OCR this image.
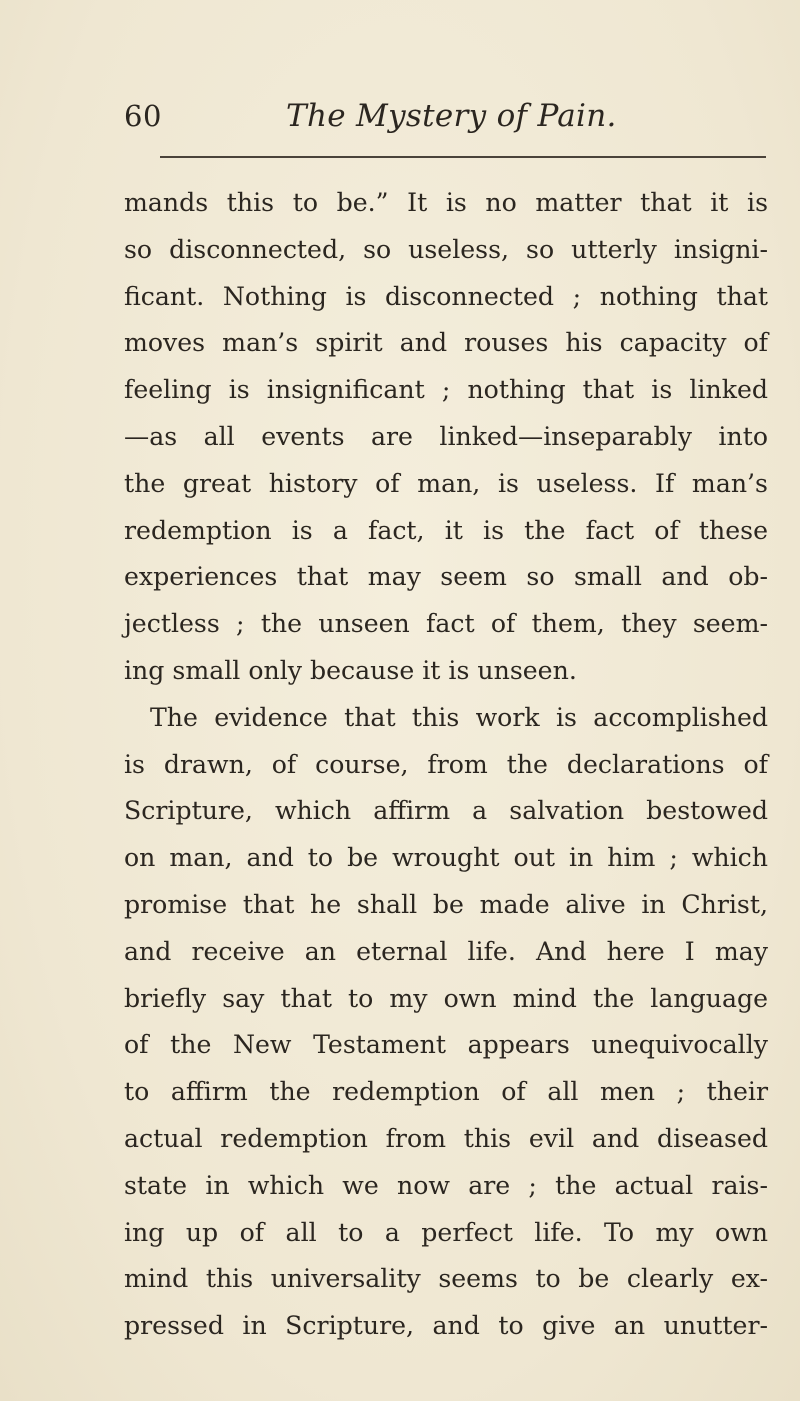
60	The Mystery of Pain.
mands this to be.” It is no matter that it is
so disconnected, so useless, so utterly insigni-
ficant. Nothing is disconnected ; nothing that
moves man’s spirit and rouses his capacity of
feeling is insignificant ; nothing that is linked
—as all events are linked—inseparably into
the great history of man, is useless. If man’s
redemption is a fact, it is the fact of these
experiences that may seem so small and ob-
jectless ; the unseen fact of them, they seem-
ing small only because it is unseen.
The evidence that this work is accomplished
is drawn, of course, from the declarations of
Scripture, which affirm a salvation bestowed
on man, and to be wrought out in him ; which
promise that he shall be made alive in Christ,
and receive an eternal life. And here I may
briefly say that to my own mind the language
of the New Testament appears unequivocally
to affirm the redemption of all men ; their
actual redemption from this evil and diseased
state in which we now are ; the actual rais-
ing up of all to a perfect life. To my own
mind this universality seems to be clearly ex-
pressed in Scripture, and to give an unutter-
